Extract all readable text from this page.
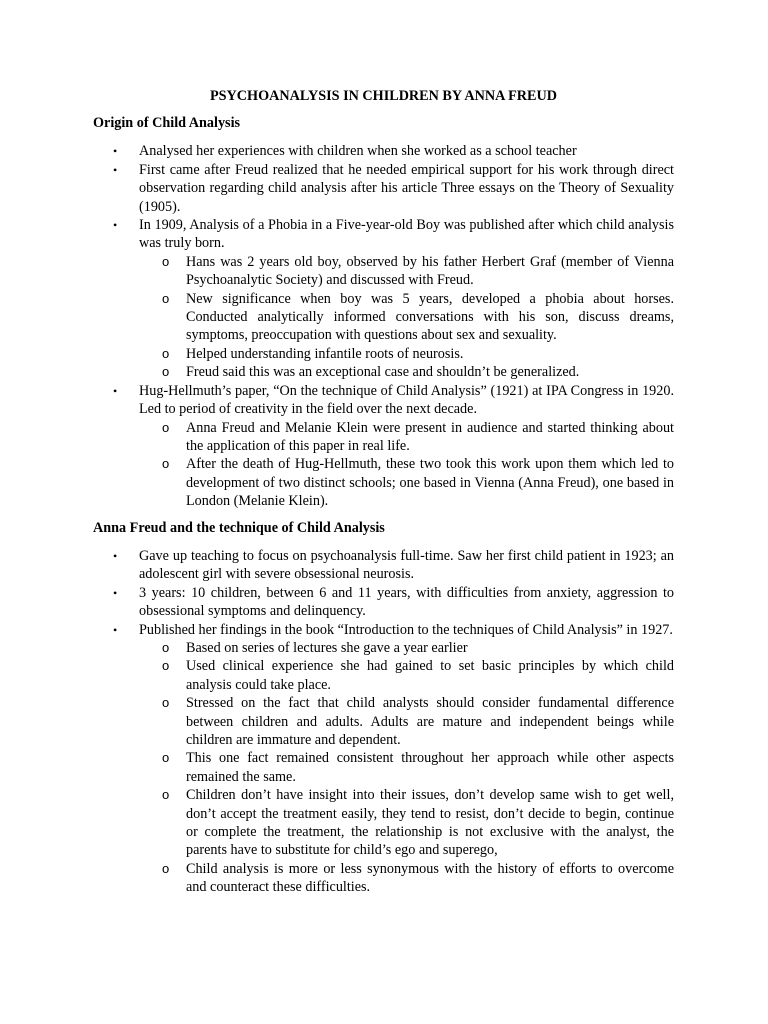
PSYCHOANALYSIS IN CHILDREN BY ANNA FREUD

Origin of Child Analysis

• Analysed her experiences with children when she worked as a school teacher
• First came after Freud realized that he needed empirical support for his work through direct observation regarding child analysis after his article Three essays on the Theory of Sexuality (1905).
• In 1909, Analysis of a Phobia in a Five-year-old Boy was published after which child analysis was truly born.
o Hans was 2 years old boy, observed by his father Herbert Graf (member of Vienna Psychoanalytic Society) and discussed with Freud.
o New significance when boy was 5 years, developed a phobia about horses. Conducted analytically informed conversations with his son, discuss dreams, symptoms, preoccupation with questions about sex and sexuality.
o Helped understanding infantile roots of neurosis.
o Freud said this was an exceptional case and shouldn’t be generalized.
• Hug-Hellmuth’s paper, “On the technique of Child Analysis” (1921) at IPA Congress in 1920. Led to period of creativity in the field over the next decade.
o Anna Freud and Melanie Klein were present in audience and started thinking about the application of this paper in real life.
o After the death of Hug-Hellmuth, these two took this work upon them which led to development of two distinct schools; one based in Vienna (Anna Freud), one based in London (Melanie Klein).

Anna Freud and the technique of Child Analysis

• Gave up teaching to focus on psychoanalysis full-time. Saw her first child patient in 1923; an adolescent girl with severe obsessional neurosis.
• 3 years: 10 children, between 6 and 11 years, with difficulties from anxiety, aggression to obsessional symptoms and delinquency.
• Published her findings in the book “Introduction to the techniques of Child Analysis” in 1927.
o Based on series of lectures she gave a year earlier
o Used clinical experience she had gained to set basic principles by which child analysis could take place.
o Stressed on the fact that child analysts should consider fundamental difference between children and adults. Adults are mature and independent beings while children are immature and dependent.
o This one fact remained consistent throughout her approach while other aspects remained the same.
o Children don’t have insight into their issues, don’t develop same wish to get well, don’t accept the treatment easily, they tend to resist, don’t decide to begin, continue or complete the treatment, the relationship is not exclusive with the analyst, the parents have to substitute for child’s ego and superego,
o Child analysis is more or less synonymous with the history of efforts to overcome and counteract these difficulties.
